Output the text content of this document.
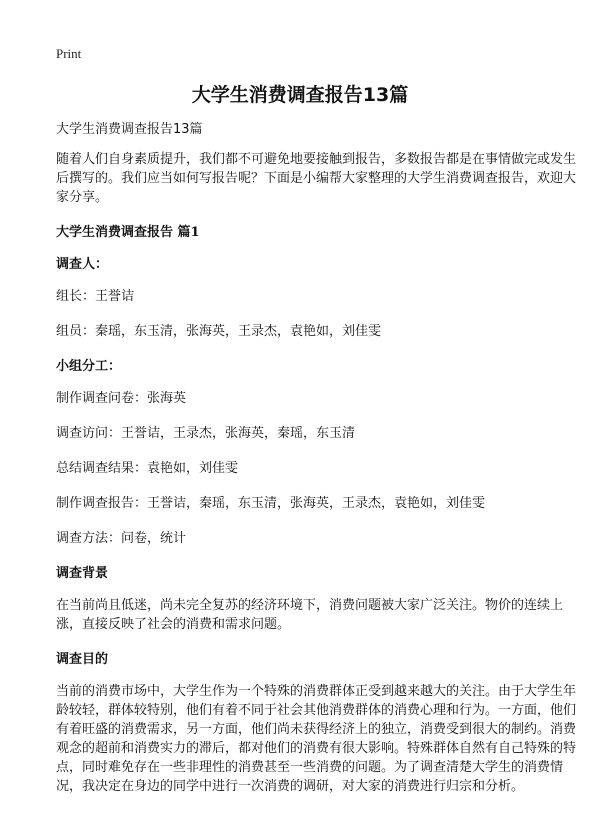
Print
大学生消费调查报告13篇
大学生消费调查报告13篇
随着人们自身素质提升，我们都不可避免地要接触到报告，多数报告都是在事情做完或发生后撰写的。我们应当如何写报告呢？下面是小编帮大家整理的大学生消费调查报告，欢迎大家分享。
大学生消费调查报告 篇1
调查人：
组长：王誉诘
组员：秦瑶，东玉清，张海英，王录杰，袁艳如，刘佳雯
小组分工：
制作调查问卷：张海英
调查访问：王誉诘，王录杰，张海英，秦瑶，东玉清
总结调查结果：袁艳如，刘佳雯
制作调查报告：王誉诘，秦瑶，东玉清，张海英，王录杰，袁艳如，刘佳雯
调查方法：问卷，统计
调查背景
在当前尚且低迷，尚未完全复苏的经济环境下，消费问题被大家广泛关注。物价的连续上涨，直接反映了社会的消费和需求问题。
调查目的
当前的消费市场中，大学生作为一个特殊的消费群体正受到越来越大的关注。由于大学生年龄较轻，群体较特别，他们有着不同于社会其他消费群体的消费心理和行为。一方面，他们有着旺盛的消费需求，另一方面，他们尚未获得经济上的独立，消费受到很大的制约。消费观念的超前和消费实力的滞后，都对他们的消费有很大影响。特殊群体自然有自己特殊的特点，同时难免存在一些非理性的消费甚至一些消费的问题。为了调查清楚大学生的消费情况，我决定在身边的同学中进行一次消费的调研，对大家的消费进行归宗和分析。
